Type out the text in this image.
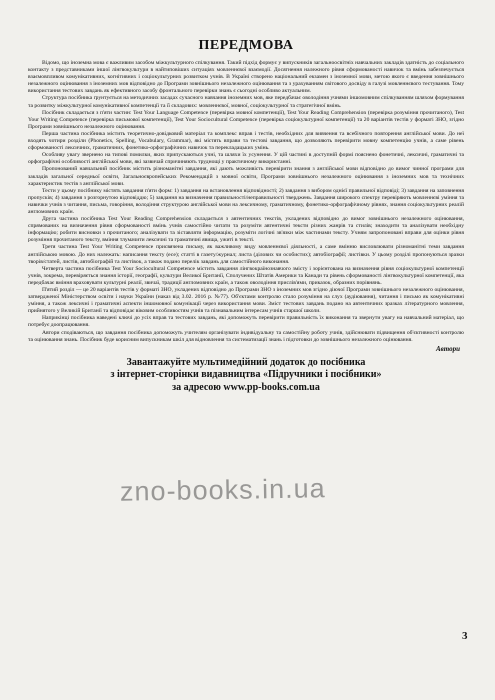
ПЕРЕДМОВА

Відомо, що іноземна мова є важливим засобом міжкультурного спілкування. Такий підхід формує у випускників загальноосвітніх навчальних закладів здатність до соціального контакту з представниками іншої лінгвокультури в найтиповіших ситуаціях мовленнєвої взаємодії. Досягнення належного рівня сформованості навичок та вмінь забезпечується взаємовпливом комунікативних, когнітивних і соціокультурних розвитком учнів. В Україні створено національний екзамен з іноземної мови, метою якого є введення зовнішнього незалежного оцінювання з іноземних мов відповідно до Програми зовнішнього незалежного оцінювання та з урахуванням світового досвіду в галузі мовленнєвого тестування. Тому використання тестових завдань як ефективного засобу фронтального перевірки знань є сьогодні особливо актуальним.

Структура посібника ґрунтується на методичних засадах сучасного навчання іноземних мов, яке передбачає оволодіння учнями іншомовним спілкуванням шляхом формування та розвитку міжкультурної комунікативної компетенції та її складових: мовленнєвої, мовної, соціокультурної та стратегічної вмінь.

Посібник складається з п'яти частин: Test Your Language Competence (перевірка мовної компетенції), Test Your Reading Comprehension (перевірка розуміння прочитаного), Test Your Writing Competence (перевірка письмової компетенції), Test Your Sociocultural Competence (перевірка соціокультурної компетенції) та 20 варіантів тестів у форматі ЗНО, згідно Програми зовнішнього незалежного оцінювання.

Перша частина посібника містить теоретично-довідковий матеріал та комплекс вправ і тестів, необхідних для вивчення та всебічного повторення англійської мови. До неї входять чотири розділи (Phonetics, Spelling, Vocabulary, Grammar), які містять вправи та тестові завдання, що дозволяють перевірити мовну компетенцію учнів, а саме рівень сформованості лексичних, граматичних, фонетико-орфографічних навичок та перекладацьких умінь.

Особливу увагу звернено на типові помилки, яких припускаються учні, та шляхи їх усунення. У цій частині в доступній формі пояснено фонетичні, лексичні, граматичні та орфографічні особливості англійської мови, які зазвичай спричиняють труднощі у практичному використанні.

Пропонований навчальний посібник містить різноманітні завдання, які дають можливість перевірити знання з англійської мови відповідно до вимог чинної програми для закладів загальної середньої освіти, Загальноєвропейських Рекомендацій з мовної освіти, Програми зовнішнього незалежного оцінювання з іноземних мов та технічних характеристик тестів з англійської мови.

Тести у цьому посібнику містять завдання п'яти форм: 1) завдання на встановлення відповідності; 2) завдання з вибором однієї правильної відповіді; 3) завдання на заповнення пропусків; 4) завдання з розгорнутою відповіддю; 5) завдання на визначення правильності/неправильності тверджень. Завдання широкого спектру перевіряють мовленнєві уміння та навички учнів з читання, письма, говоріння, володіння структурою англійської мови на лексичному, граматичному, фонетико-орфографічному рівнях, знання соціокультурних реалій англомовних країн.

Друга частина посібника Test Your Reading Comprehension складається з автентичних текстів, укладених відповідно до вимог зовнішнього незалежного оцінювання, спрямованих на визначення рівня сформованості вмінь учнів самостійно читати та розуміти автентичні тексти різних жанрів та стилів; знаходити та аналізувати необхідну інформацію; робити висновки з прочитаного; аналізувати та зіставляти інформацію, розуміти логічні зв'язки між частинами тексту. Учням запропоновані вправи для оцінки рівня розуміння прочитаного тексту, вміння тлумачити лексичні та граматичні явища, ужиті в тексті.

Третя частина Test Your Writing Competence присвячена письму, як важливому виду мовленнєвої діяльності, а саме вмінню висловлювати різноманітні теми завдання англійською мовою. До них належать: написання тексту (есе); статті в газету/журнал; листа (ділових чи особистих); автобіографії; листівки. У цьому розділі пропонуються зразки творів/статей, листів, автобіографій та листівок, а також подано перелік завдань для самостійного виконання.

Четверта частина посібника Test Your Sociocultural Competence містить завдання лінгвокраїнознавчого змісту і зорієнтована на визначення рівня соціокультурної компетенції учнів, зокрема, перевіряється знання історії, географії, культури Великої Британії, Сполучених Штатів Америки та Канади та рівень сформованості лінгвокультурної компетенції, яка передбачає вміння враховувати культурні реалії, звичаї, традиції англомовних країн, а також оволодіння прислів'ями, приказок, образних порівнянь.

П'ятий розділ — це 20 варіантів тестів у форматі ЗНО, укладених відповідно до Програми ЗНО з іноземних мов згідно діючої Програми зовнішнього незалежного оцінювання, затвердженої Міністерством освіти і науки України (наказ від 3.02. 2016 р. №77). Об'єктами контролю стало розуміння на слух (аудіювання), читання і письмо як комунікативні уміння, а також лексичні і граматичні аспекти іншомовної комунікації через використання мови. Зміст тестових завдань подано на автентичних зразках літературного мовлення, прийнятого у Великій Британії та відповідає віковим особливостям учнів та пізнавальним інтересам учнів старшої школи.

Наприкінці посібника наведені ключі до усіх вправ та тестових завдань, які допоможуть перевірити правильність їх виконання та звернути увагу на навчальний матеріал, що потребує доопрацювання.

Автори сподіваються, що завдання посібника допоможуть учителям організувати індивідуальну та самостійну роботу учнів, здійснювати підвищення об'єктивності контролю та оцінювання знань. Посібник буде корисним випускникам шкіл для відновлення та систематизації знань і підготовки до зовнішнього незалежного оцінювання.

Автори
Завантажуйте мультимедійний додаток до посібника
з інтернет-сторінки видавництва «Підручники і посібники»
за адресою www.pp-books.com.ua
zno-books.in.ua
3
